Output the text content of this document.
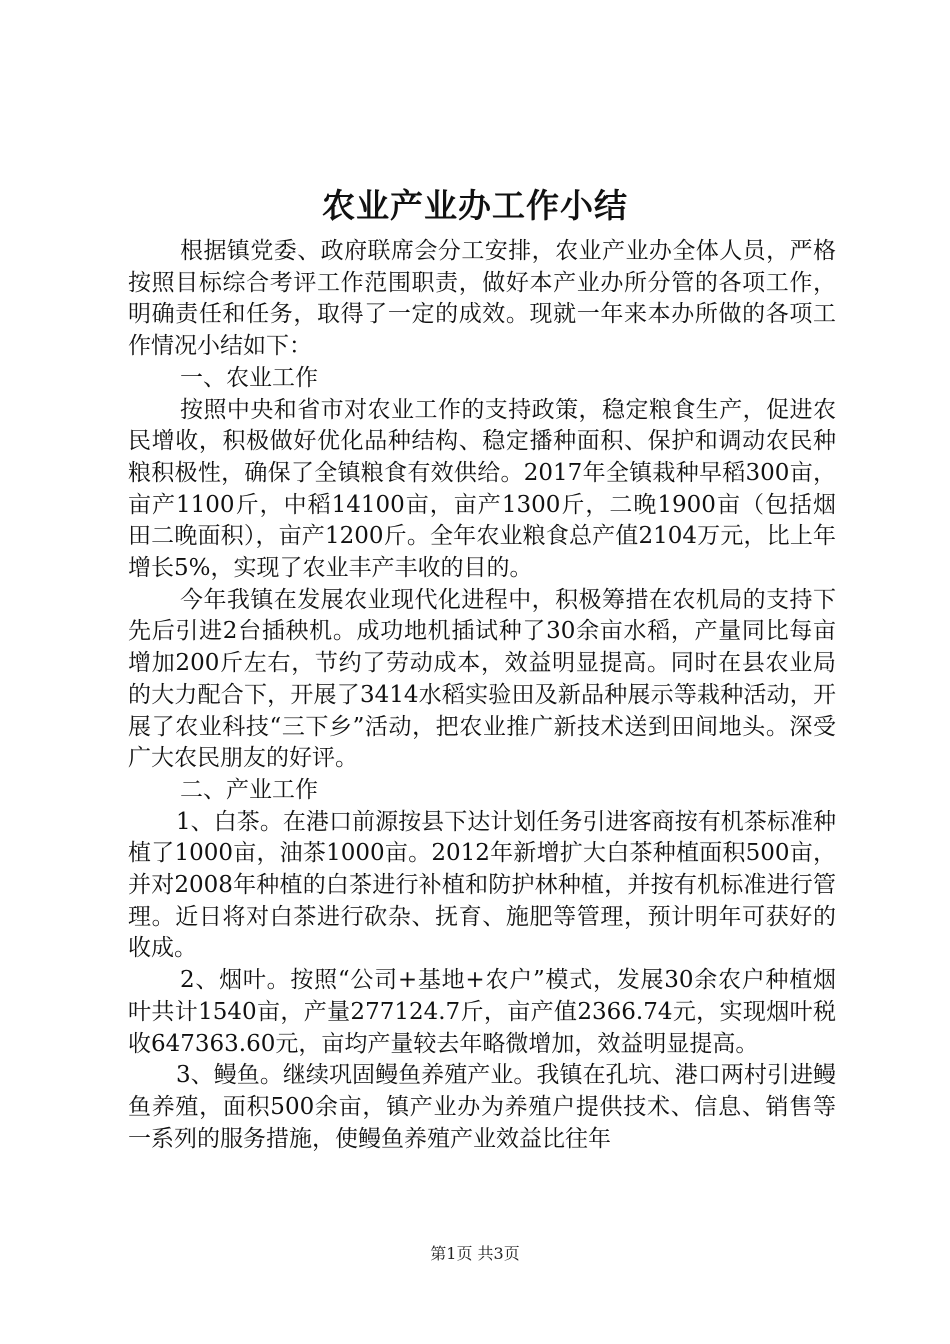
农业产业办工作小结

根据镇党委、政府联席会分工安排，农业产业办全体人员，严格按照目标综合考评工作范围职责，做好本产业办所分管的各项工作，明确责任和任务，取得了一定的成效。现就一年来本办所做的各项工作情况小结如下：

一、农业工作

按照中央和省市对农业工作的支持政策，稳定粮食生产，促进农民增收，积极做好优化品种结构、稳定播种面积、保护和调动农民种粮积极性，确保了全镇粮食有效供给。2017年全镇栽种早稻300亩，亩产1100斤，中稻14100亩，亩产1300斤，二晚1900亩（包括烟田二晚面积），亩产1200斤。全年农业粮食总产值2104万元，比上年增长5%，实现了农业丰产丰收的目的。

今年我镇在发展农业现代化进程中，积极筹措在农机局的支持下先后引进2台插秧机。成功地机插试种了30余亩水稻，产量同比每亩增加200斤左右，节约了劳动成本，效益明显提高。同时在县农业局的大力配合下，开展了3414水稻实验田及新品种展示等栽种活动，开展了农业科技“三下乡”活动，把农业推广新技术送到田间地头。深受广大农民朋友的好评。

二、产业工作

1、白茶。在港口前源按县下达计划任务引进客商按有机茶标准种植了1000亩，油茶1000亩。2012年新增扩大白茶种植面积500亩，并对2008年种植的白茶进行补植和防护林种植，并按有机标准进行管理。近日将对白茶进行砍杂、抚育、施肥等管理，预计明年可获好的收成。

2、烟叶。按照“公司+基地+农户”模式，发展30余农户种植烟叶共计1540亩，产量277124.7斤，亩产值2366.74元，实现烟叶税收647363.60元，亩均产量较去年略微增加，效益明显提高。

3、鳗鱼。继续巩固鳗鱼养殖产业。我镇在孔坑、港口两村引进鳗鱼养殖，面积500余亩，镇产业办为养殖户提供技术、信息、销售等一系列的服务措施，使鳗鱼养殖产业效益比往年

第1页 共3页
